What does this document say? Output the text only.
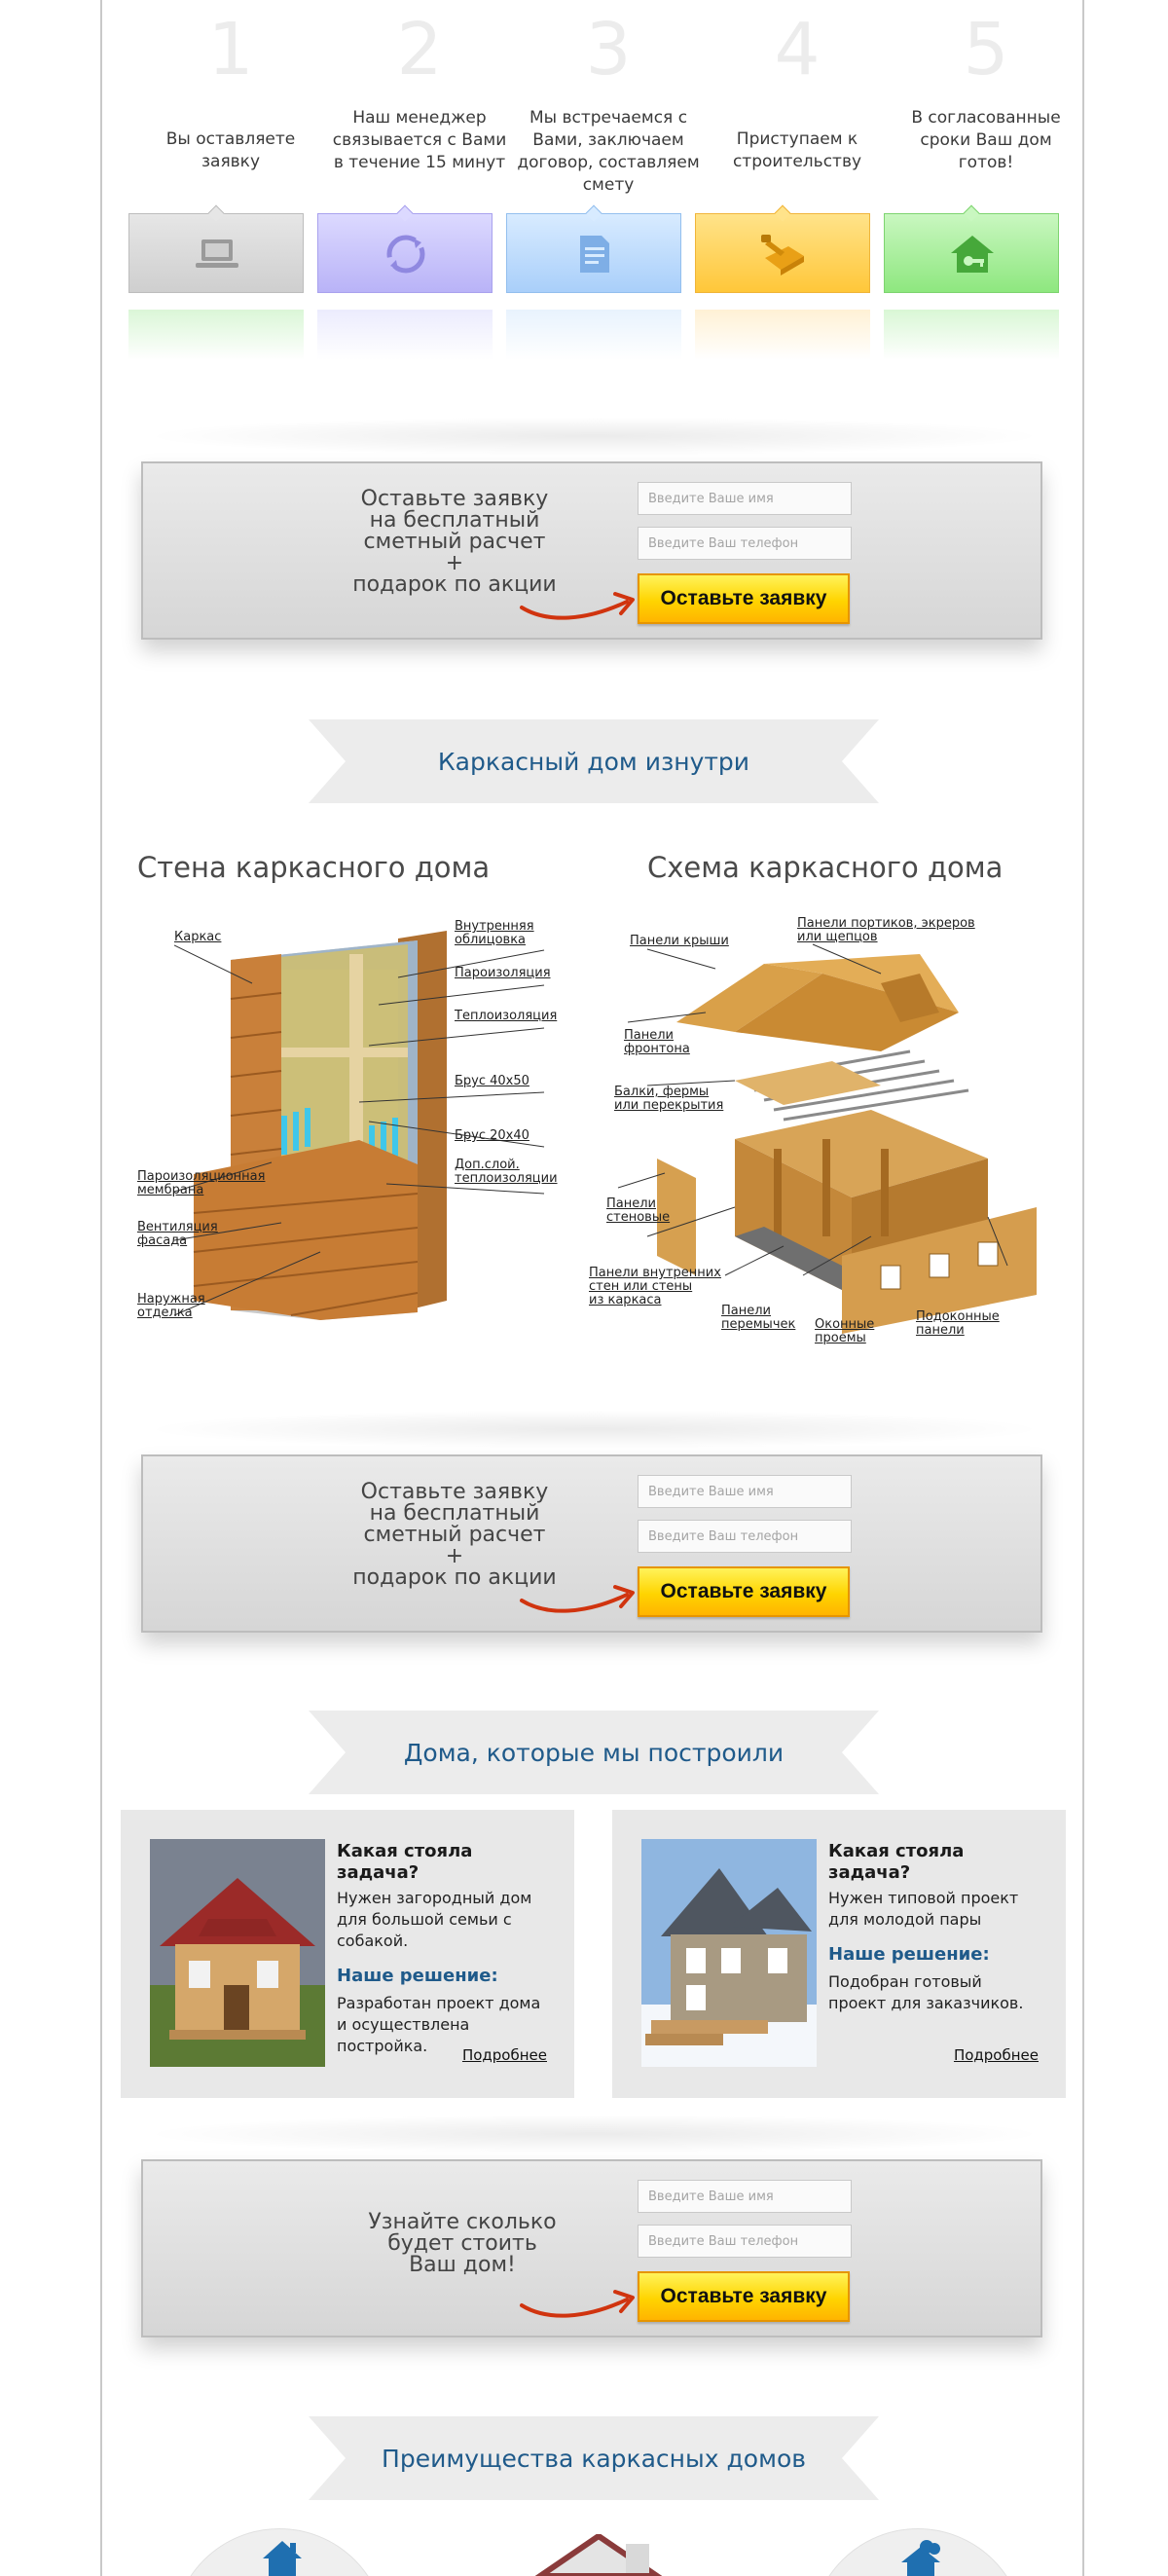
1	2	3	4	5
Вы оставляете заявку
Наш менеджер связывается с Вами в течение 15 минут
Мы встречаемся с Вами, заключаем договор, составляем смету
Приступаем к строительству
В согласованные сроки Ваш дом готов!
Оставьте заявку
на бесплатный
сметный расчет
+
подарок по акции
Введите Ваше имя
Введите Ваш телефон
Оставьте заявку
Каркасный дом изнутри
Стена каркасного дома
Каркас
Внутренняя
облицовка
Пароизоляция
Теплоизоляция
Брус 40х50
Брус 20х40
Доп.слой.
теплоизоляции
Пароизоляционная
мембрана
Вентиляция
фасада
Наружная
отделка
Схема каркасного дома
Панели портиков, экреров
или щепцов
Панели крыши
Панели
фронтона
Балки, фермы
или перекрытия
Панели
стеновые
Панели внутренних
стен или стены
из каркаса
Панели
перемычек Оконные
проемы
Подоконные
панели
Оставьте заявку
на бесплатный
сметный расчет
+
подарок по акции
Введите Ваше имя
Введите Ваш телефон
Оставьте заявку
Дома, которые мы построили
Какая стояла задача?
Нужен загородный дом для большой семьи с собакой.
Наше решение:
Разработан проект дома и осуществлена постройка.	Подробнее
Какая стояла задача?
Нужен типовой проект для молодой пары
Наше решение:
Подобран готовый проект для заказчиков.
Подробнее
Узнайте сколько
будет стоить
Ваш дом!
Введите Ваше имя
Введите Ваш телефон
Оставьте заявку
Преимущества каркасных домов
